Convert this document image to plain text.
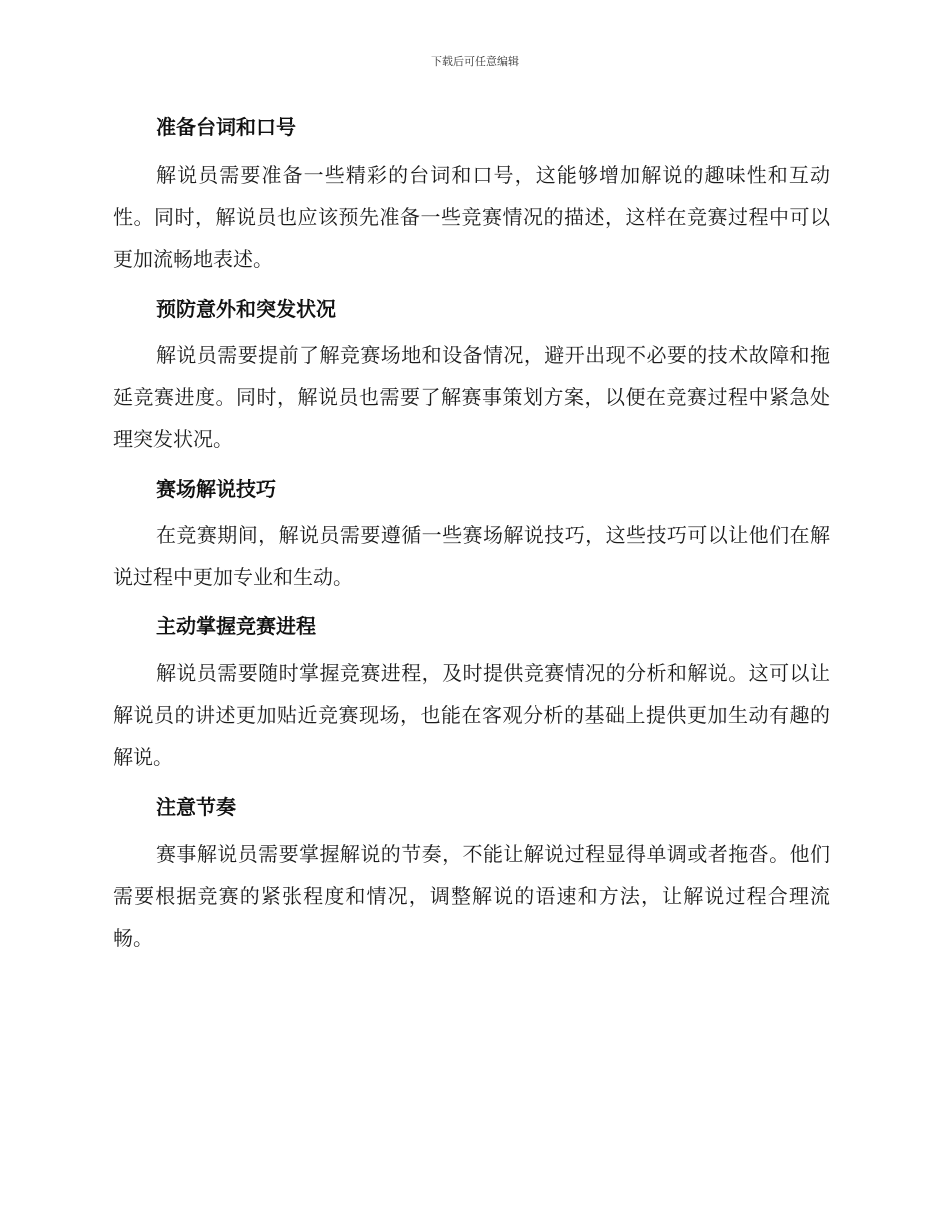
下载后可任意编辑
准备台词和口号

解说员需要准备一些精彩的台词和口号，这能够增加解说的趣味性和互动性。同时，解说员也应该预先准备一些竞赛情况的描述，这样在竞赛过程中可以更加流畅地表述。

预防意外和突发状况

解说员需要提前了解竞赛场地和设备情况，避开出现不必要的技术故障和拖延竞赛进度。同时，解说员也需要了解赛事策划方案，以便在竞赛过程中紧急处理突发状况。

赛场解说技巧

在竞赛期间，解说员需要遵循一些赛场解说技巧，这些技巧可以让他们在解说过程中更加专业和生动。

主动掌握竞赛进程

解说员需要随时掌握竞赛进程，及时提供竞赛情况的分析和解说。这可以让解说员的讲述更加贴近竞赛现场，也能在客观分析的基础上提供更加生动有趣的解说。

注意节奏

赛事解说员需要掌握解说的节奏，不能让解说过程显得单调或者拖沓。他们需要根据竞赛的紧张程度和情况，调整解说的语速和方法，让解说过程合理流畅。
